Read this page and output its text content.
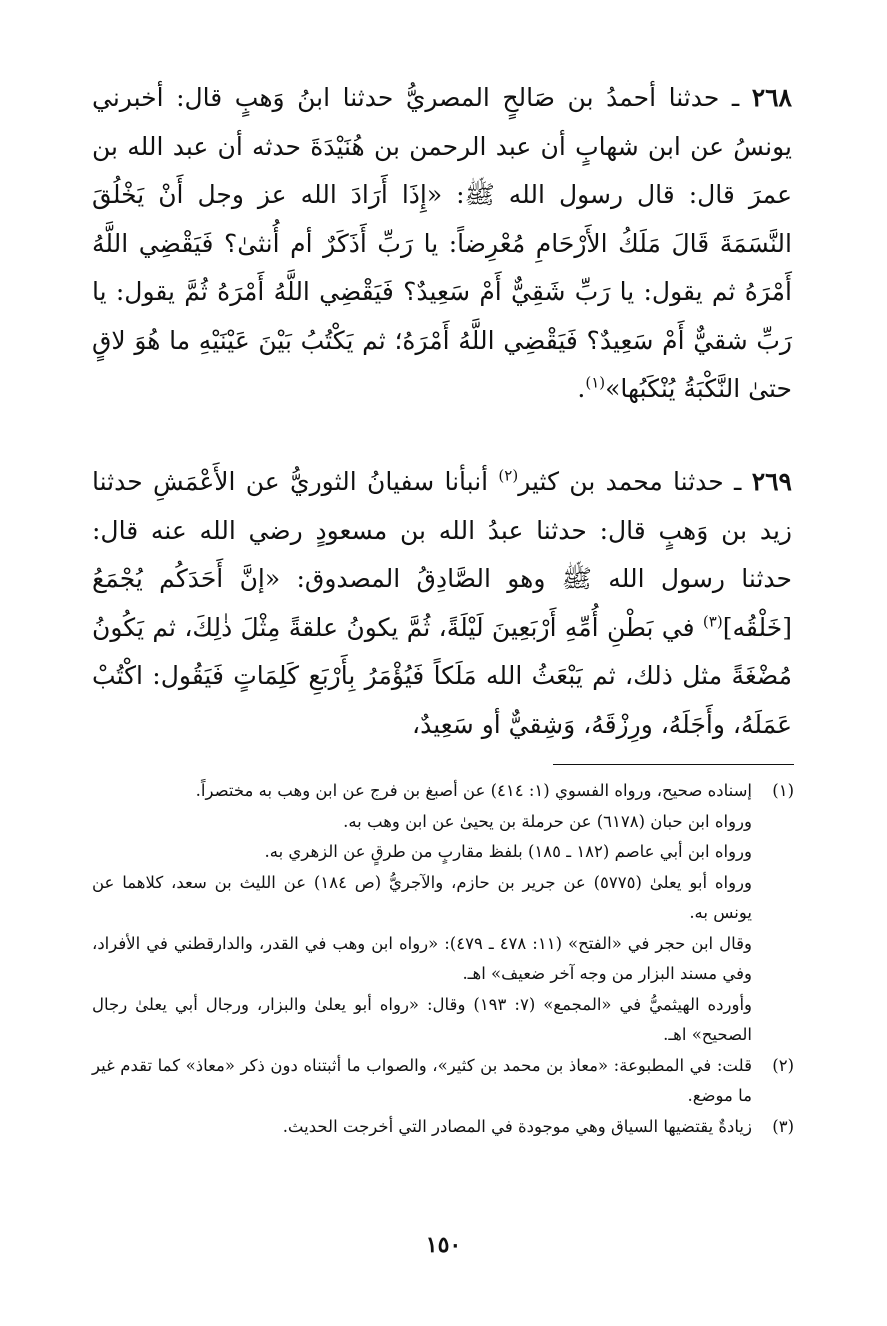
٢٦٨ ـ حدثنا أحمدُ بن صَالحٍ المصريُّ حدثنا ابنُ وَهبٍ قال: أخبرني يونسُ عن ابن شهابٍ أن عبد الرحمن بن هُنَيْدَةَ حدثه أن عبد الله بن عمرَ قال: قال رسول الله ﷺ: «إِذَا أَرَادَ الله عز وجل أَنْ يَخْلُقَ النَّسَمَةَ قَالَ مَلَكُ الأَرْحَامِ مُعْرِضاً: يا رَبِّ أَذَكَرٌ أم أُنثىٰ؟ فَيَقْضِي اللَّهُ أَمْرَهُ ثم يقول: يا رَبِّ شَقِيٌّ أَمْ سَعِيدٌ؟ فَيَقْضِي اللَّهُ أَمْرَهُ ثُمَّ يقول: يا رَبِّ شقيٌّ أَمْ سَعِيدٌ؟ فَيَقْضِي اللَّهُ أَمْرَهُ؛ ثم يَكْتُبُ بَيْنَ عَيْنَيْهِ ما هُوَ لاقٍ حتىٰ النَّكْبَةُ يُنْكَبُها»$^{(١)}$.

٢٦٩ ـ حدثنا محمد بن كثير$^{(٢)}$ أنبأنا سفيانُ الثوريُّ عن الأَعْمَشِ حدثنا زيد بن وَهبٍ قال: حدثنا عبدُ الله بن مسعودٍ رضي الله عنه قال: حدثنا رسول الله ﷺ وهو الصَّادِقُ المصدوق: «إنَّ أَحَدَكُم يُجْمَعُ [خَلْقُه]$^{(٣)}$ في بَطْنِ أُمِّهِ أَرْبَعِينَ لَيْلَةً، ثُمَّ يكونُ علقةً مِثْلَ ذٰلِكَ، ثم يَكُونُ مُضْغَةً مثل ذلك، ثم يَبْعَثُ الله مَلَكاً فَيُؤْمَرُ بِأَرْبَعِ كَلِمَاتٍ فَيَقُول: اكْتُبْ عَمَلَهُ، وأَجَلَهُ، ورِزْقَهُ، وَشِقيٌّ أو سَعِيدٌ،

(١)

إسناده صحيح، ورواه الفسوي (١: ٤١٤) عن أصبغ بن فرج عن ابن وهب به مختصراً.

ورواه ابن حبان (٦١٧٨) عن حرملة بن يحيىٰ عن ابن وهب به.

ورواه ابن أبي عاصم (١٨٢ ـ ١٨٥) بلفظ مقاربٍ من طرقٍ عن الزهري به.

ورواه أبو يعلىٰ (٥٧٧٥) عن جرير بن حازم، والآجريُّ (ص ١٨٤) عن الليث بن سعد، كلاهما عن يونس به.

وقال ابن حجر في «الفتح» (١١: ٤٧٨ ـ ٤٧٩): «رواه ابن وهب في القدر، والدارقطني في الأفراد، وفي مسند البزار من وجه آخر ضعيف» اهـ.

وأورده الهيثميُّ في «المجمع» (٧: ١٩٣) وقال: «رواه أبو يعلىٰ والبزار، ورجال أبي يعلىٰ رجال الصحيح» اهـ.

(٢)

قلت: في المطبوعة: «معاذ بن محمد بن كثير»، والصواب ما أثبتناه دون ذكر «معاذ» كما تقدم غير ما موضع.

(٣)

زيادةٌ يقتضيها السياق وهي موجودة في المصادر التي أخرجت الحديث.

١٥٠
